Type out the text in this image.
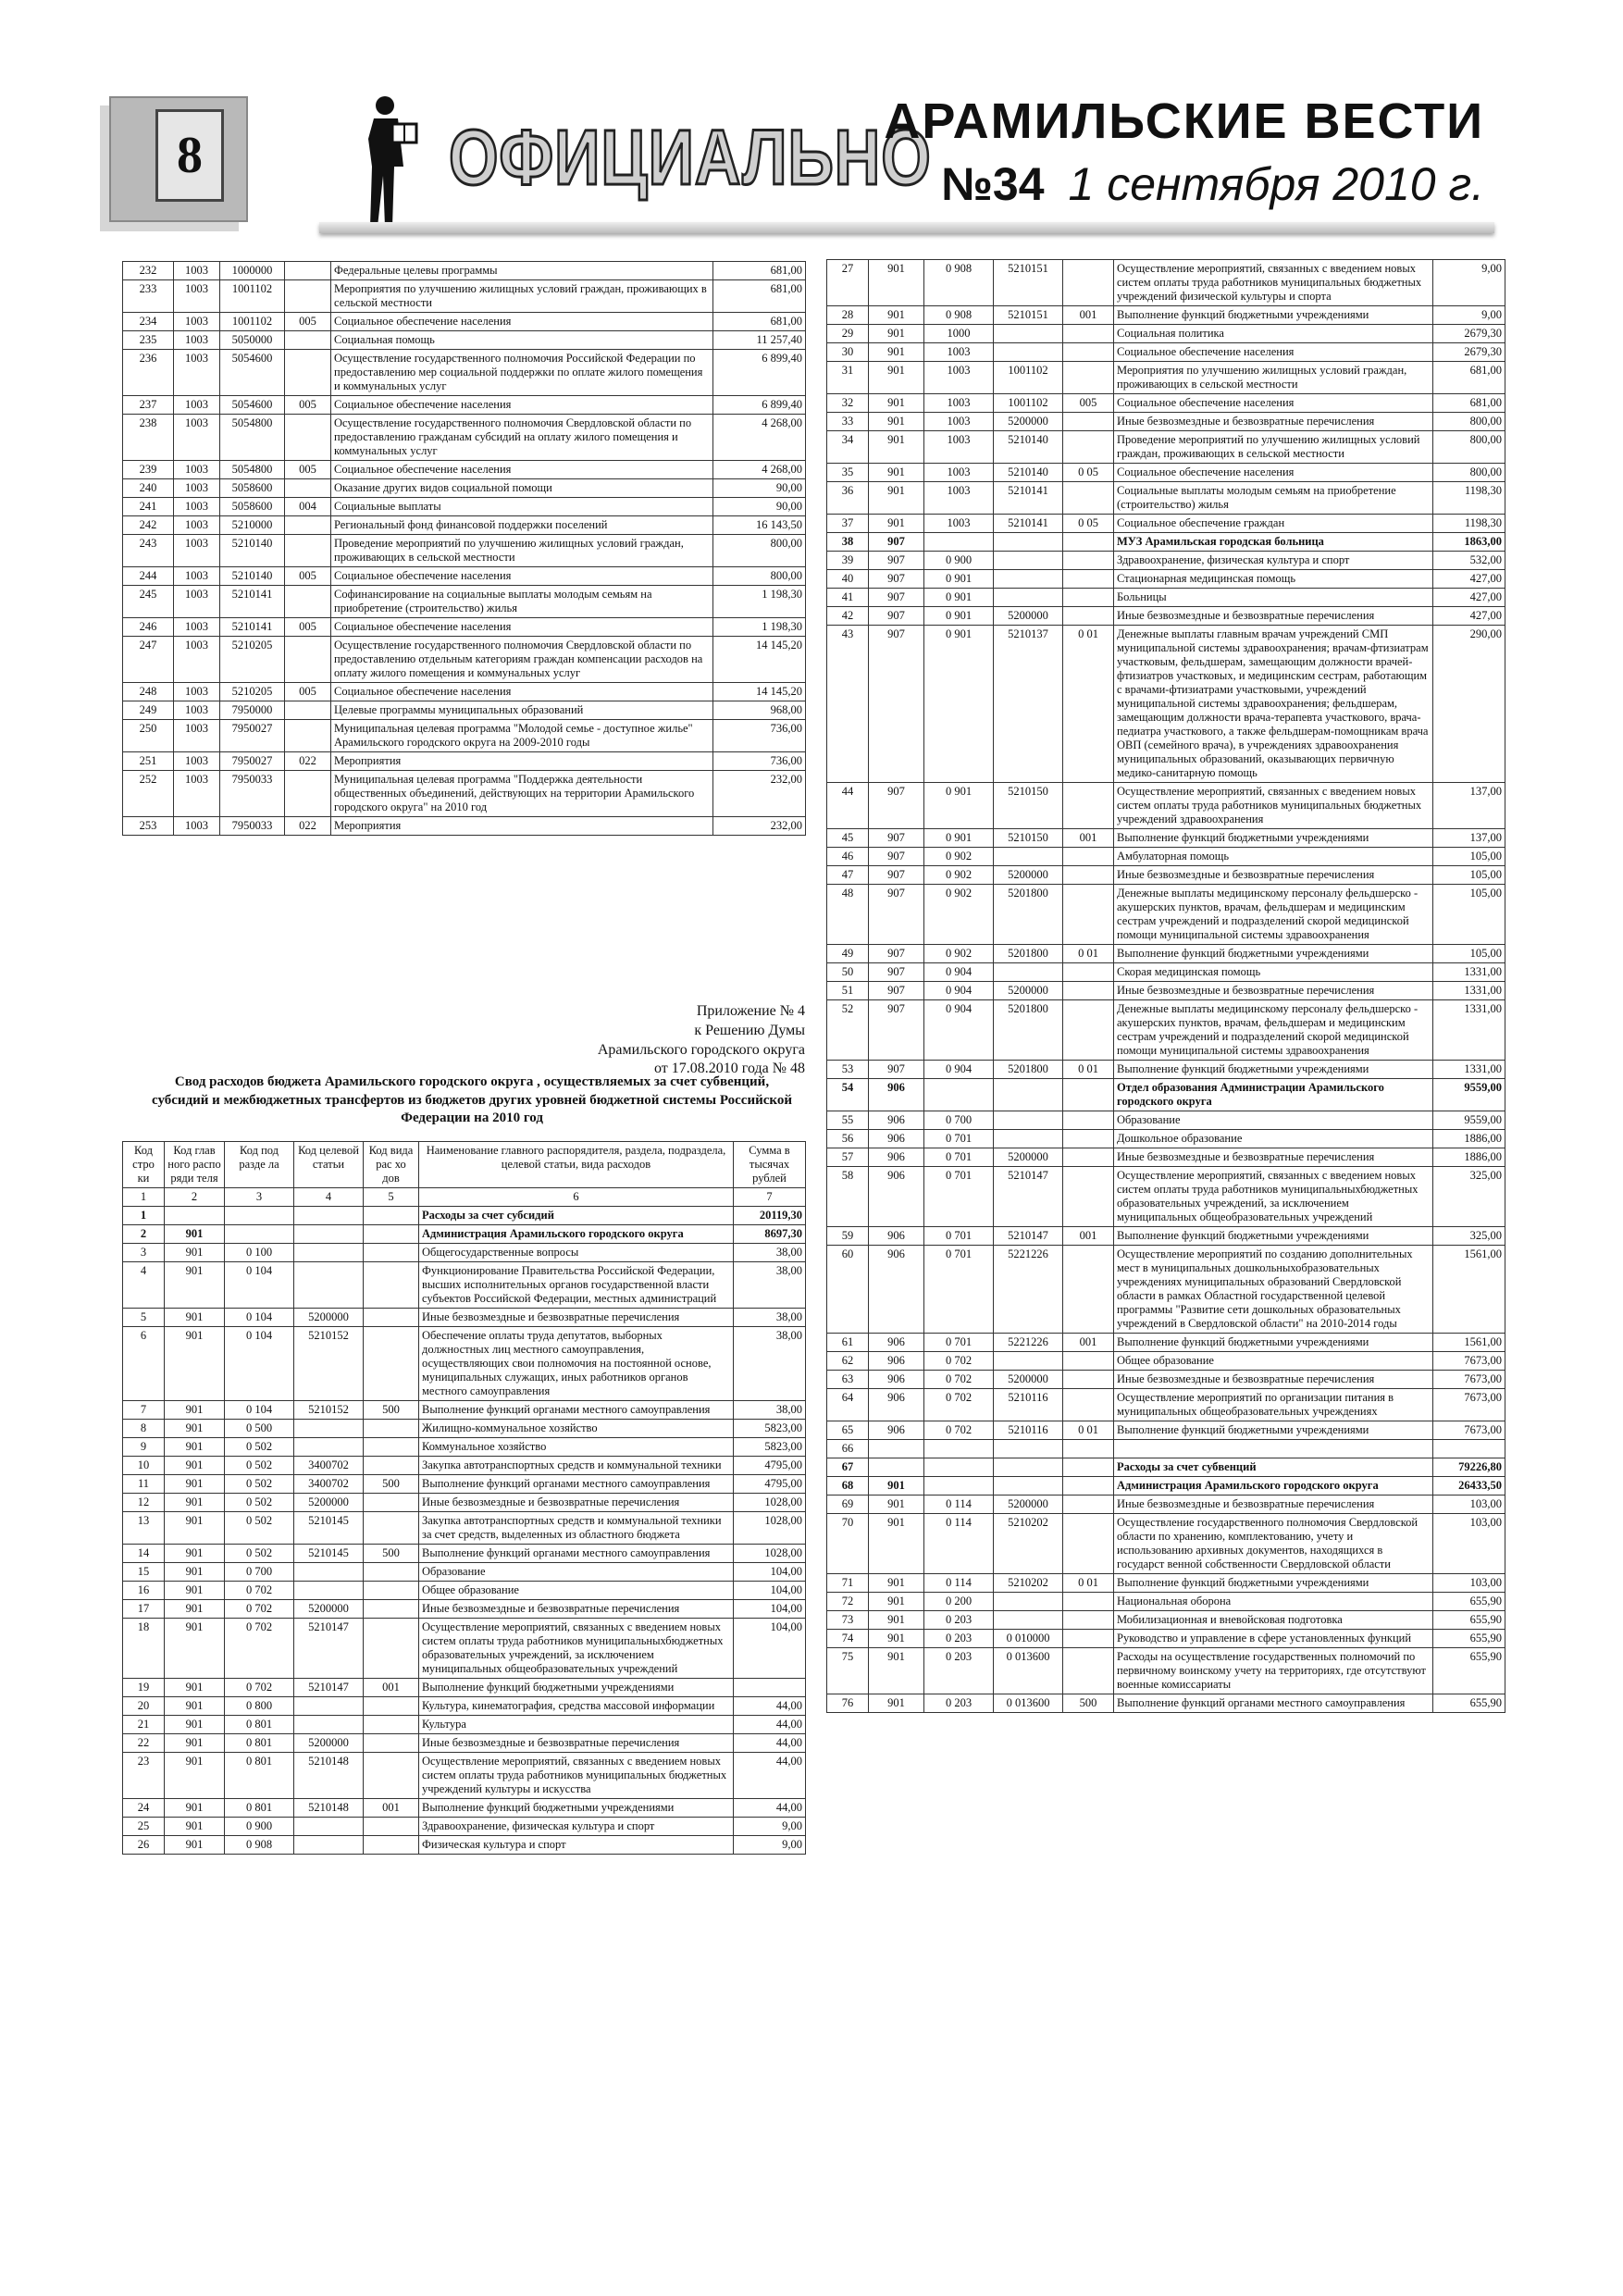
8	ОФИЦИАЛЬНО
АРАМИЛЬСКИЕ ВЕСТИ
№34 1 сентября 2010 г.
232	1003	1000000		Федеральные целевы программы	681,00
233	1003	1001102		Мероприятия по улучшению жилищных условий граждан, проживающих в сельской местности	681,00
234	1003	1001102	005	Социальное обеспечение населения	681,00
235	1003	5050000		Социальная помощь	11 257,40
236	1003	5054600		Осуществление государственного полномочия Российской Федерации по предоставлению мер социальной поддержки по оплате жилого помещения и коммунальных услуг	6 899,40
237	1003	5054600	005	Социальное обеспечение населения	6 899,40
238	1003	5054800		Осуществление государственного полномочия Свердловской области по предоставлению гражданам субсидий на оплату жилого помещения и коммунальных услуг	4 268,00
239	1003	5054800	005	Социальное обеспечение населения	4 268,00
240	1003	5058600		Оказание других видов социальной помощи	90,00
241	1003	5058600	004	Социальные выплаты	90,00
242	1003	5210000		Региональный фонд финансовой поддержки поселений	16 143,50
243	1003	5210140		Проведение мероприятий по улучшению жилищных условий граждан, проживающих в сельской местности	800,00
244	1003	5210140	005	Социальное обеспечение населения	800,00
245	1003	5210141		Софинансирование на социальные выплаты молодым семьям на приобретение (строительство) жилья	1 198,30
246	1003	5210141	005	Социальное обеспечение населения	1 198,30
247	1003	5210205		Осуществление государственного полномочия Свердловской области по предоставлению отдельным категориям граждан компенсации расходов на оплату жилого помещения и коммунальных услуг	14 145,20
248	1003	5210205	005	Социальное обеспечение населения	14 145,20
249	1003	7950000		Целевые программы муниципальных образований	968,00
250	1003	7950027		Муниципальная целевая программа "Молодой семье - доступное жилье" Арамильского городского округа на 2009-2010 годы	736,00
251	1003	7950027	022	Мероприятия	736,00
252	1003	7950033		Муниципальная целевая программа "Поддержка деятельности общественных объединений, действующих на территории Арамильского городского округа" на 2010 год	232,00
253	1003	7950033	022	Мероприятия	232,00
Приложение № 4
к Решению Думы
Арамильского городского округа
от 17.08.2010 года № 48
Свод расходов бюджета Арамильского городского округа , осуществляемых за счет субвенций, субсидий и межбюджетных трансфертов из бюджетов других уровней бюджетной системы Российской Федерации на 2010 год
Код стро ки	Код глав ного распо ряди теля	Код под разде ла	Код целевой статьи	Код вида рас хо дов	Наименование главного распорядителя, раздела, подраздела, целевой статьи, вида расходов	Сумма в тысячах рублей
1	2	3	4	5	6	7
1					Расходы за счет субсидий	20119,30
2	901				Администрация Арамильского городского округа	8697,30
3	901	0 100			Общегосударственные вопросы	38,00
4	901	0 104			Функционирование Правительства Российской Федерации, высших исполнительных органов государственной власти субъектов Российской Федерации, местных администраций	38,00
5	901	0 104	5200000		Иные безвозмездные и безвозвратные перечисления	38,00
6	901	0 104	5210152		Обеспечение оплаты труда депутатов, выборных должностных лиц местного самоуправления, осуществляющих свои полномочия на постоянной основе, муниципальных служащих, иных работников органов местного самоуправления	38,00
7	901	0 104	5210152	500	Выполнение функций органами местного самоуправления	38,00
8	901	0 500			Жилищно-коммунальное хозяйство	5823,00
9	901	0 502			Коммунальное хозяйство	5823,00
10	901	0 502	3400702		Закупка автотранспортных средств и коммунальной техники	4795,00
11	901	0 502	3400702	500	Выполнение функций органами местного самоуправления	4795,00
12	901	0 502	5200000		Иные безвозмездные и безвозвратные перечисления	1028,00
13	901	0 502	5210145		Закупка автотранспортных средств и коммунальной техники за счет средств, выделенных из областного бюджета	1028,00
14	901	0 502	5210145	500	Выполнение функций органами местного самоуправления	1028,00
15	901	0 700			Образование	104,00
16	901	0 702			Общее образование	104,00
17	901	0 702	5200000		Иные безвозмездные и безвозвратные перечисления	104,00
18	901	0 702	5210147		Осуществление мероприятий, связанных с введением новых систем оплаты труда работников муниципальныхбюджетных образовательных учреждений, за исключением муниципальных общеобразовательных учреждений	104,00
19	901	0 702	5210147	001	Выполнение функций бюджетными учреждениями	
20	901	0 800			Культура, кинематография, средства массовой информации	44,00
21	901	0 801			Культура	44,00
22	901	0 801	5200000		Иные безвозмездные и безвозвратные перечисления	44,00
23	901	0 801	5210148		Осуществление мероприятий, связанных с введением новых систем оплаты труда работников муниципальных бюджетных учреждений культуры и искусства	44,00
24	901	0 801	5210148	001	Выполнение функций бюджетными учреждениями	44,00
25	901	0 900			Здравоохранение, физическая культура и спорт	9,00
26	901	0 908			Физическая культура и спорт	9,00
27	901	0 908	5210151		Осуществление мероприятий, связанных с введением новых систем оплаты труда работников муниципальных бюджетных учреждений физической культуры и спорта	9,00
28	901	0 908	5210151	001	Выполнение функций бюджетными учреждениями	9,00
29	901	1000			Социальная политика	2679,30
30	901	1003			Социальное обеспечение населения	2679,30
31	901	1003	1001102		Мероприятия по улучшению жилищных условий граждан, проживающих в сельской местности	681,00
32	901	1003	1001102	005	Социальное обеспечение населения	681,00
33	901	1003	5200000		Иные безвозмездные и безвозвратные перечисления	800,00
34	901	1003	5210140		Проведение мероприятий по улучшению жилищных условий граждан, проживающих в сельской местности	800,00
35	901	1003	5210140	0 05	Социальное обеспечение населения	800,00
36	901	1003	5210141		Социальные выплаты молодым семьям на приобретение (строительство) жилья	1198,30
37	901	1003	5210141	0 05	Социальное обеспечение граждан	1198,30
38	907				МУЗ Арамильская городская больница	1863,00
39	907	0 900			Здравоохранение, физическая культура и спорт	532,00
40	907	0 901			Стационарная медицинская помощь	427,00
41	907	0 901			Больницы	427,00
42	907	0 901	5200000		Иные безвозмездные и безвозвратные перечисления	427,00
43	907	0 901	5210137	0 01	Денежные выплаты главным врачам учреждений СМП муниципальной системы здравоохранения; врачам-фтизиатрам участковым, фельдшерам, замещающим должности врачей-фтизиатров участковых, и медицинским сестрам, работающим с врачами-фтизиатрами участковыми, учреждений муниципальной системы здравоохранения; фельдшерам, замещающим должности врача-терапевта участкового, врача-педиатра участкового, а также фельдшерам-помощникам врача ОВП (семейного врача), в учреждениях здравоохранения муниципальных образований, оказывающих первичную медико-санитарную помощь	290,00
44	907	0 901	5210150		Осуществление мероприятий, связанных с введением новых систем оплаты труда работников муниципальных бюджетных учреждений здравоохранения	137,00
45	907	0 901	5210150	001	Выполнение функций бюджетными учреждениями	137,00
46	907	0 902			Амбулаторная помощь	105,00
47	907	0 902	5200000		Иные безвозмездные и безвозвратные перечисления	105,00
48	907	0 902	5201800		Денежные выплаты медицинскому персоналу фельдшерско - акушерских пунктов, врачам, фельдшерам и медицинским сестрам учреждений и подразделений скорой медицинской помощи муниципальной системы здравоохранения	105,00
49	907	0 902	5201800	0 01	Выполнение функций бюджетными учреждениями	105,00
50	907	0 904			Скорая медицинская помощь	1331,00
51	907	0 904	5200000		Иные безвозмездные и безвозвратные перечисления	1331,00
52	907	0 904	5201800		Денежные выплаты медицинскому персоналу фельдшерско - акушерских пунктов, врачам, фельдшерам и медицинским сестрам учреждений и подразделений скорой медицинской помощи муниципальной системы здравоохранения	1331,00
53	907	0 904	5201800	0 01	Выполнение функций бюджетными учреждениями	1331,00
54	906				Отдел образования Администрации Арамильского городского округа	9559,00
55	906	0 700			Образование	9559,00
56	906	0 701			Дошкольное образование	1886,00
57	906	0 701	5200000		Иные безвозмездные и безвозвратные перечисления	1886,00
58	906	0 701	5210147		Осуществление мероприятий, связанных с введением новых систем оплаты труда работников муниципальныхбюджетных образовательных учреждений, за исключением муниципальных общеобразовательных учреждений	325,00
59	906	0 701	5210147	001	Выполнение функций бюджетными учреждениями	325,00
60	906	0 701	5221226		Осуществление мероприятий по созданию дополнительных мест в муниципальных дошкольныхобразовательных учреждениях муниципальных образований Свердловской области в рамках Областной государственной целевой программы "Развитие сети дошкольных образовательных учреждений в Свердловской области" на 2010-2014 годы	1561,00
61	906	0 701	5221226	001	Выполнение функций бюджетными учреждениями	1561,00
62	906	0 702			Общее образование	7673,00
63	906	0 702	5200000		Иные безвозмездные и безвозвратные перечисления	7673,00
64	906	0 702	5210116		Осуществление мероприятий по организации питания в муниципальных общеобразовательных учреждениях	7673,00
65	906	0 702	5210116	0 01	Выполнение функций бюджетными учреждениями	7673,00
66						
67					Расходы за счет субвенций	79226,80
68	901				Администрация Арамильского городского округа	26433,50
69	901	0 114	5200000		Иные безвозмездные и безвозвратные перечисления	103,00
70	901	0 114	5210202		Осуществление государственного полномочия Свердловской области по хранению, комплектованию, учету и использованию архивных документов, находящихся в государст венной собственности Свердловской области	103,00
71	901	0 114	5210202	0 01	Выполнение функций бюджетными учреждениями	103,00
72	901	0 200			Национальная оборона	655,90
73	901	0 203			Мобилизационная и вневойсковая подготовка	655,90
74	901	0 203	0 010000		Руководство и управление в сфере установленных функций	655,90
75	901	0 203	0 013600		Расходы на осуществление государственных полномочий по первичному воинскому учету на территориях, где отсутствуют военные комиссариаты	655,90
76	901	0 203	0 013600	500	Выполнение функций органами местного самоуправления	655,90
